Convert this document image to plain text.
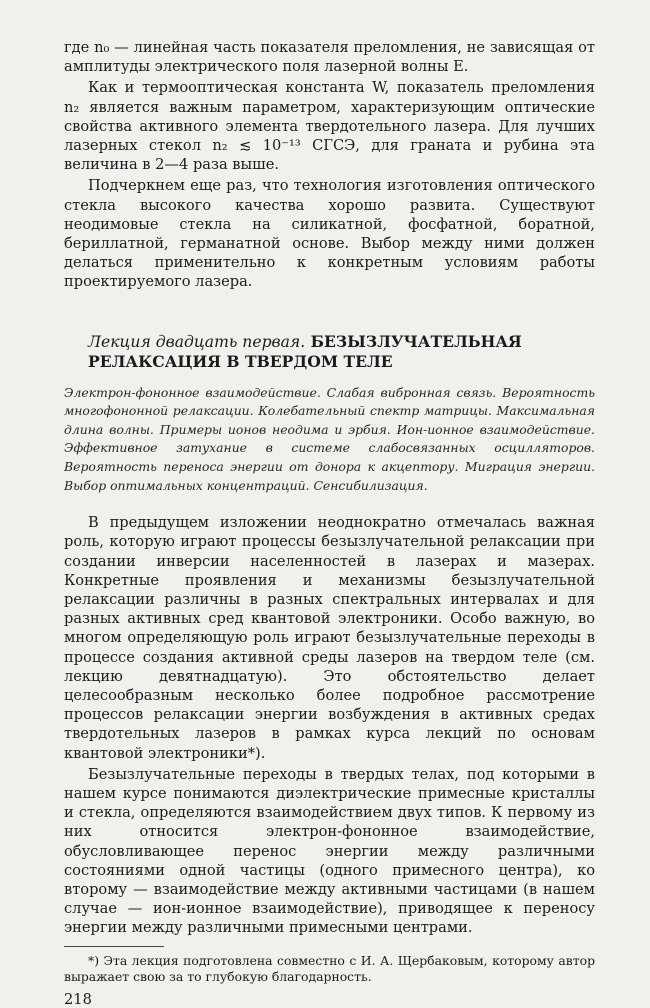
где n₀ — линейная часть показателя преломления, не зависящая от амплитуды электрического поля лазерной волны E.

Как и термооптическая константа W, показатель преломления n₂ является важным параметром, характеризующим оптические свойства активного элемента твердотельного лазера. Для лучших лазерных стекол n₂ ≲ 10⁻¹³ СГСЭ, для граната и рубина эта величина в 2—4 раза выше.

Подчеркнем еще раз, что технология изготовления оптического стекла высокого качества хорошо развита. Существуют неодимовые стекла на силикатной, фосфатной, боратной, бериллатной, германатной основе. Выбор между ними должен делаться применительно к конкретным условиям работы проектируемого лазера.

Лекция двадцать первая. БЕЗЫЗЛУЧАТЕЛЬНАЯ РЕЛАКСАЦИЯ В ТВЕРДОМ ТЕЛЕ

Электрон-фононное взаимодействие. Слабая вибронная связь. Вероятность многофононной релаксации. Колебательный спектр матрицы. Максимальная длина волны. Примеры ионов неодима и эрбия. Ион-ионное взаимодействие. Эффективное затухание в системе слабосвязанных осцилляторов. Вероятность переноса энергии от донора к акцептору. Миграция энергии. Выбор оптимальных концентраций. Сенсибилизация.

В предыдущем изложении неоднократно отмечалась важная роль, которую играют процессы безызлучательной релаксации при создании инверсии населенностей в лазерах и мазерах. Конкретные проявления и механизмы безызлучательной релаксации различны в разных спектральных интервалах и для разных активных сред квантовой электроники. Особо важную, во многом определяющую роль играют безызлучательные переходы в процессе создания активной среды лазеров на твердом теле (см. лекцию девятнадцатую). Это обстоятельство делает целесообразным несколько более подробное рассмотрение процессов релаксации энергии возбуждения в активных средах твердотельных лазеров в рамках курса лекций по основам квантовой электроники*).

Безызлучательные переходы в твердых телах, под которыми в нашем курсе понимаются диэлектрические примесные кристаллы и стекла, определяются взаимодействием двух типов. К первому из них относится электрон-фононное взаимодействие, обусловливающее перенос энергии между различными состояниями одной частицы (одного примесного центра), ко второму — взаимодействие между активными частицами (в нашем случае — ион-ионное взаимодействие), приводящее к переносу энергии между различными примесными центрами.

*) Эта лекция подготовлена совместно с И. А. Щербаковым, которому автор выражает свою за то глубокую благодарность.

218
